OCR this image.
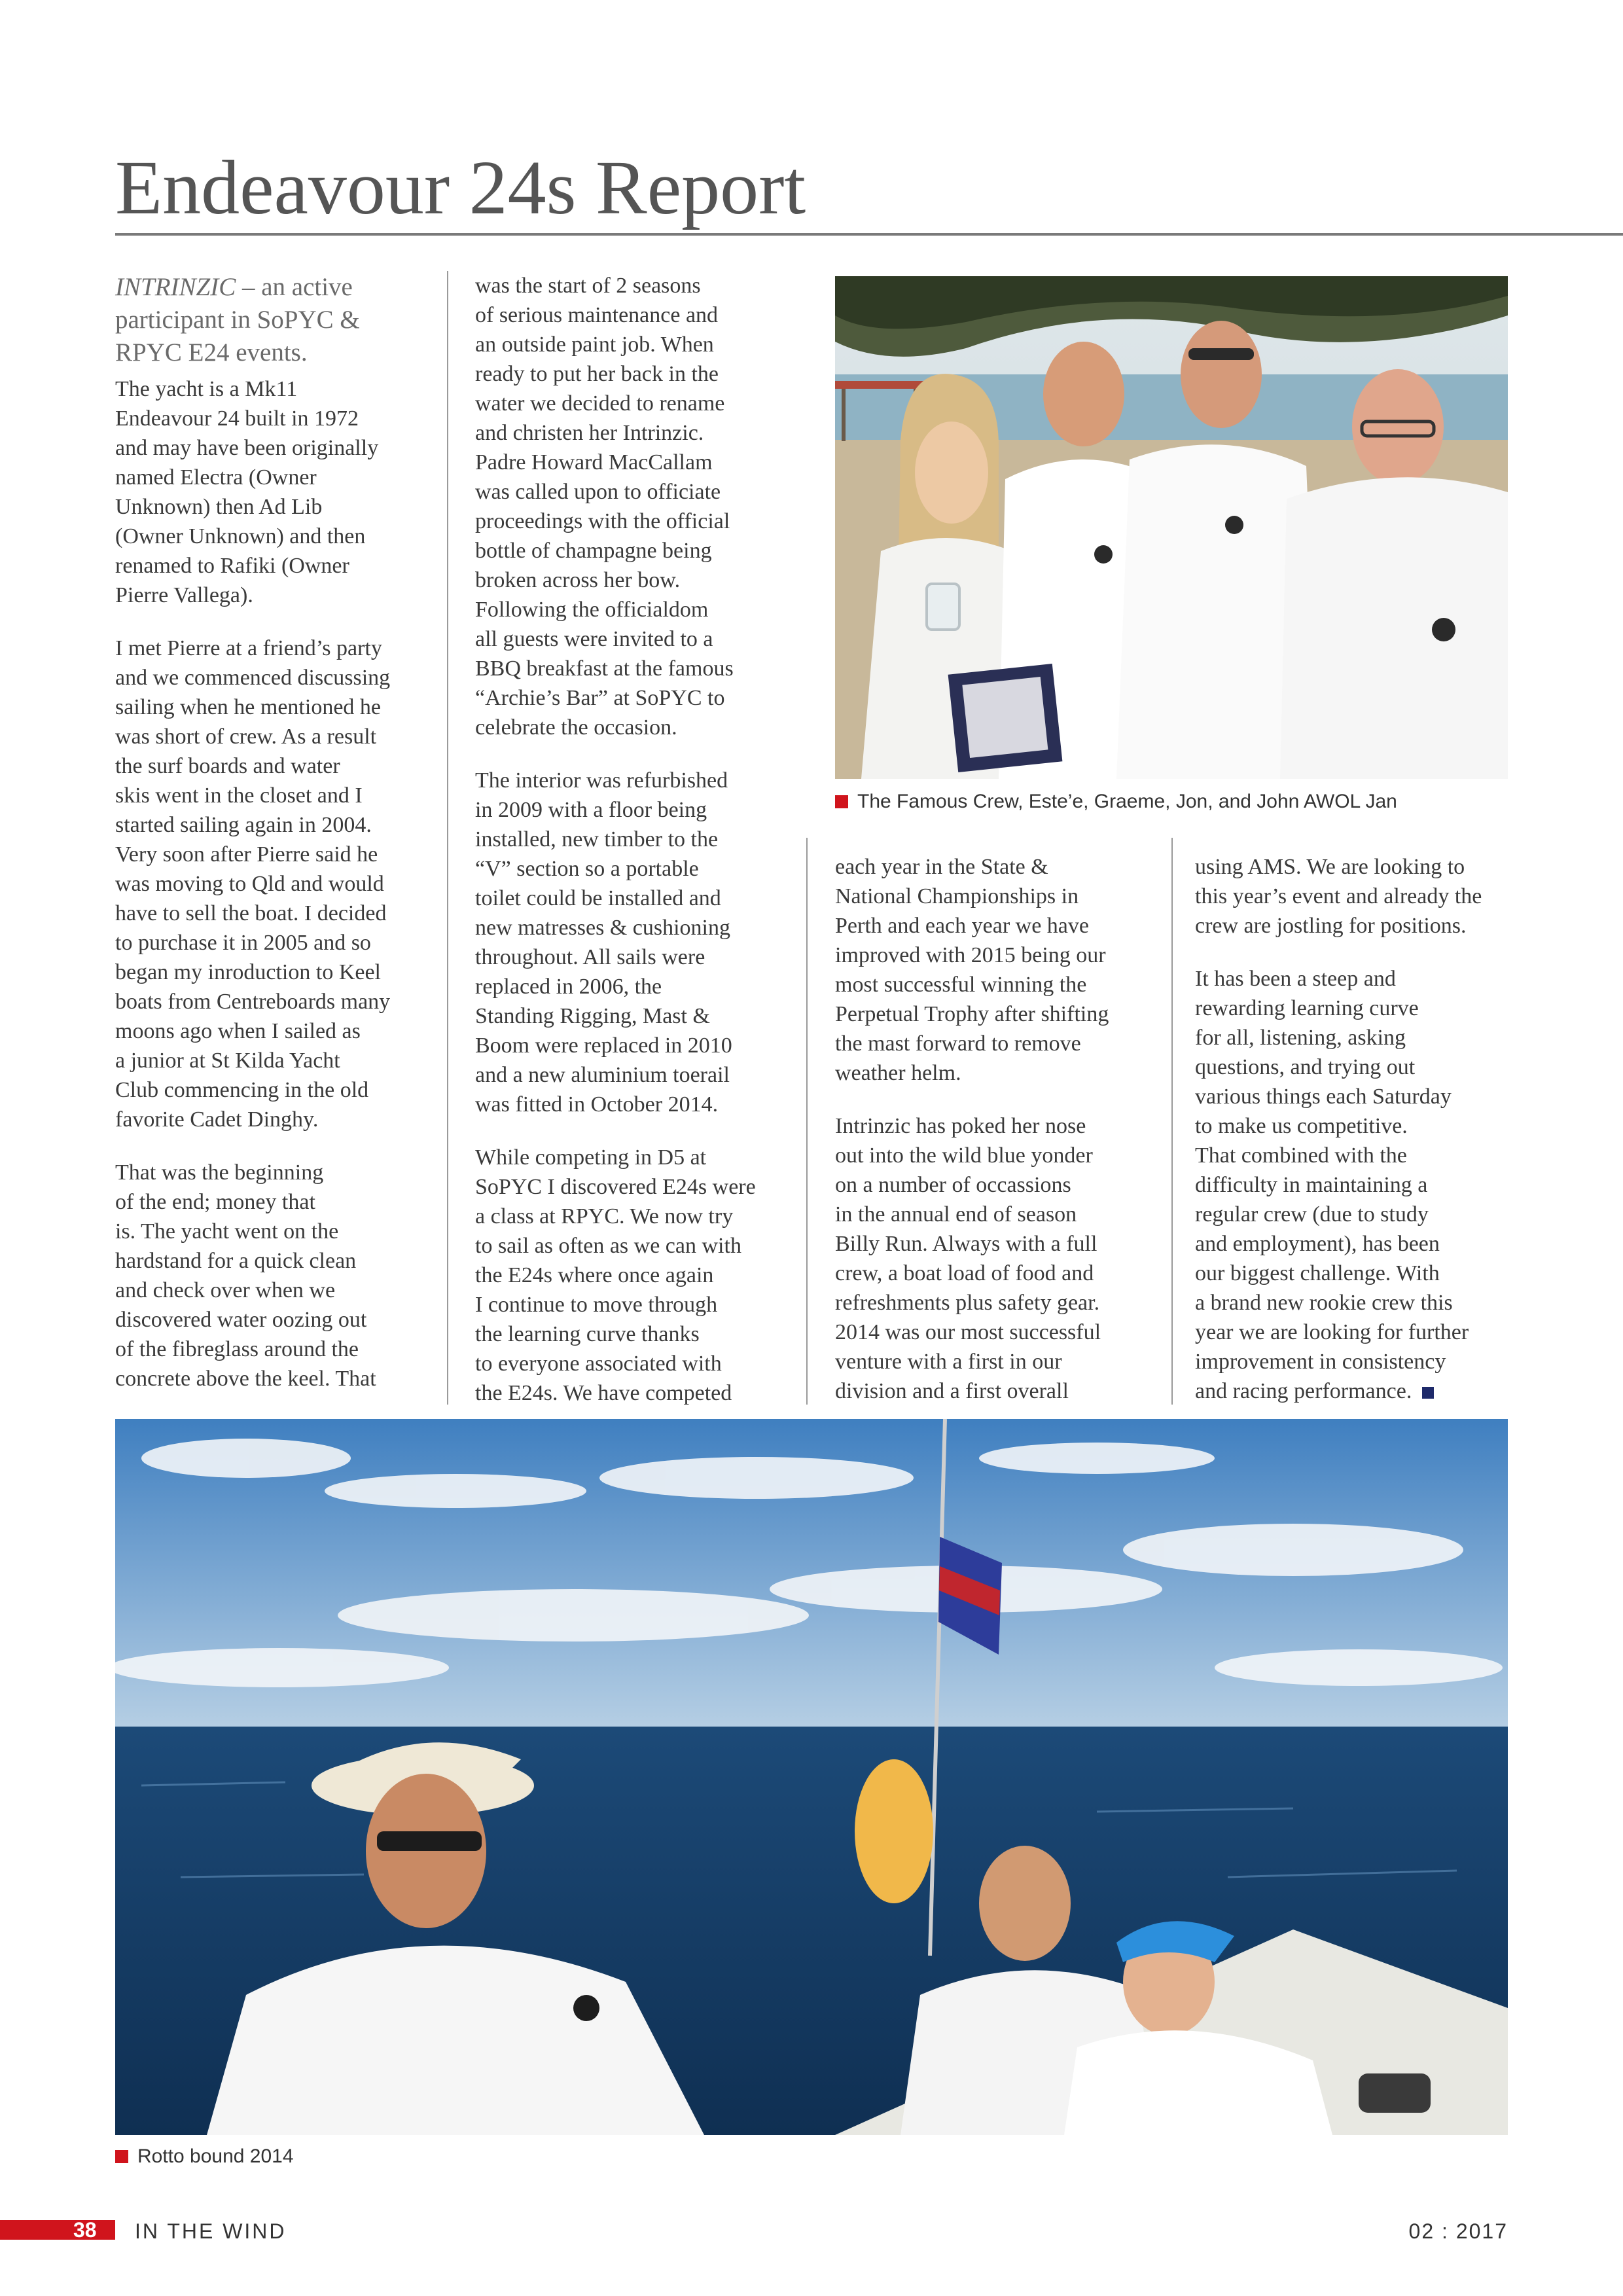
Endeavour 24s Report

INTRINZIC – an active participant in SoPYC & RPYC E24 events.

The yacht is a Mk11
Endeavour 24 built in 1972
and may have been originally
named Electra (Owner
Unknown) then Ad Lib
(Owner Unknown) and then
renamed to Rafiki (Owner
Pierre Vallega).

I met Pierre at a friend’s party
and we commenced discussing
sailing when he mentioned he
was short of crew. As a result
the surf boards and water
skis went in the closet and I
started sailing again in 2004.
Very soon after Pierre said he
was moving to Qld and would
have to sell the boat. I decided
to purchase it in 2005 and so
began my inroduction to Keel
boats from Centreboards many
moons ago when I sailed as
a junior at St Kilda Yacht
Club commencing in the old
favorite Cadet Dinghy.

That was the beginning
of the end; money that
is. The yacht went on the
hardstand for a quick clean
and check over when we
discovered water oozing out
of the fibreglass around the
concrete above the keel. That

was the start of 2 seasons
of serious maintenance and
an outside paint job. When
ready to put her back in the
water we decided to rename
and christen her Intrinzic.
Padre Howard MacCallam
was called upon to officiate
proceedings with the official
bottle of champagne being
broken across her bow.
Following the officialdom
all guests were invited to a
BBQ breakfast at the famous
“Archie’s Bar” at SoPYC to
celebrate the occasion.

The interior was refurbished
in 2009 with a floor being
installed, new timber to the
“V” section so a portable
toilet could be installed and
new matresses & cushioning
throughout. All sails were
replaced in 2006, the
Standing Rigging, Mast &
Boom were replaced in 2010
and a new aluminium toerail
was fitted in October 2014.

While competing in D5 at
SoPYC I discovered E24s were
a class at RPYC. We now try
to sail as often as we can with
the E24s where once again
I continue to move through
the learning curve thanks
to everyone associated with
the E24s. We have competed

The Famous Crew, Este’e, Graeme, Jon, and John AWOL Jan

each year in the State &
National Championships in
Perth and each year we have
improved with 2015 being our
most successful winning the
Perpetual Trophy after shifting
the mast forward to remove
weather helm.

Intrinzic has poked her nose
out into the wild blue yonder
on a number of occassions
in the annual end of season
Billy Run. Always with a full
crew, a boat load of food and
refreshments plus safety gear.
2014 was our most successful
venture with a first in our
division and a first overall

using AMS. We are looking to
this year’s event and already the
crew are jostling for positions.

It has been a steep and
rewarding learning curve
for all, listening, asking
questions, and trying out
various things each Saturday
to make us competitive.
That combined with the
difficulty in maintaining a
regular crew (due to study
and employment), has been
our biggest challenge. With
a brand new rookie crew this
year we are looking for further
improvement in consistency
and racing performance.

Rotto bound 2014
38 IN THE WIND	02 : 2017
